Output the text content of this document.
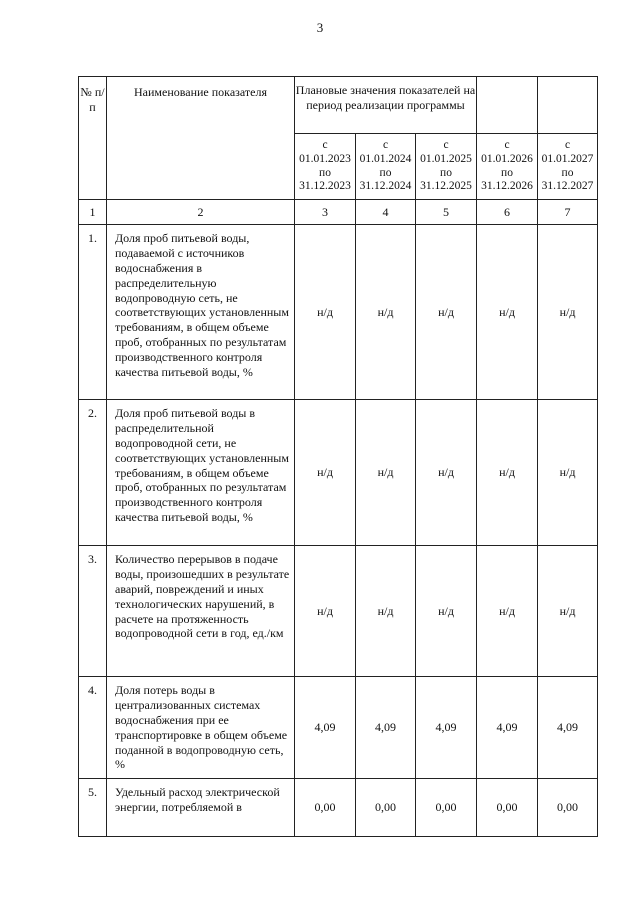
3
№ п/п	Наименование показателя	Плановые значения показателей на период реализации программы				

		с
01.01.2023
по
31.12.2023	с
01.01.2024
по
31.12.2024	с
01.01.2025
по
31.12.2025	с
01.01.2026
по
31.12.2026	с
01.01.2027
по
31.12.2027

1	2	3	4	5	6	7
1.	Доля проб питьевой воды, подаваемой с источников водоснабжения в распределительную водопроводную сеть, не соответствующих установленным требованиям, в общем объеме проб, отобранных по результатам производственного контроля качества питьевой воды, %	н/д	н/д	н/д	н/д	н/д
2.	Доля проб питьевой воды в распределительной водопроводной сети, не соответствующих установленным требованиям, в общем объеме проб, отобранных по результатам производственного контроля качества питьевой воды, %	н/д	н/д	н/д	н/д	н/д
3.	Количество перерывов в подаче воды, произошедших в результате аварий, повреждений и иных технологических нарушений, в расчете на протяженность водопроводной сети в год, ед./км	н/д	н/д	н/д	н/д	н/д
4.	Доля потерь воды в централизованных системах водоснабжения при ее транспортировке в общем объеме поданной в водопроводную сеть, %	4,09	4,09	4,09	4,09	4,09
5.	Удельный расход электрической энергии, потребляемой в	0,00	0,00	0,00	0,00	0,00
